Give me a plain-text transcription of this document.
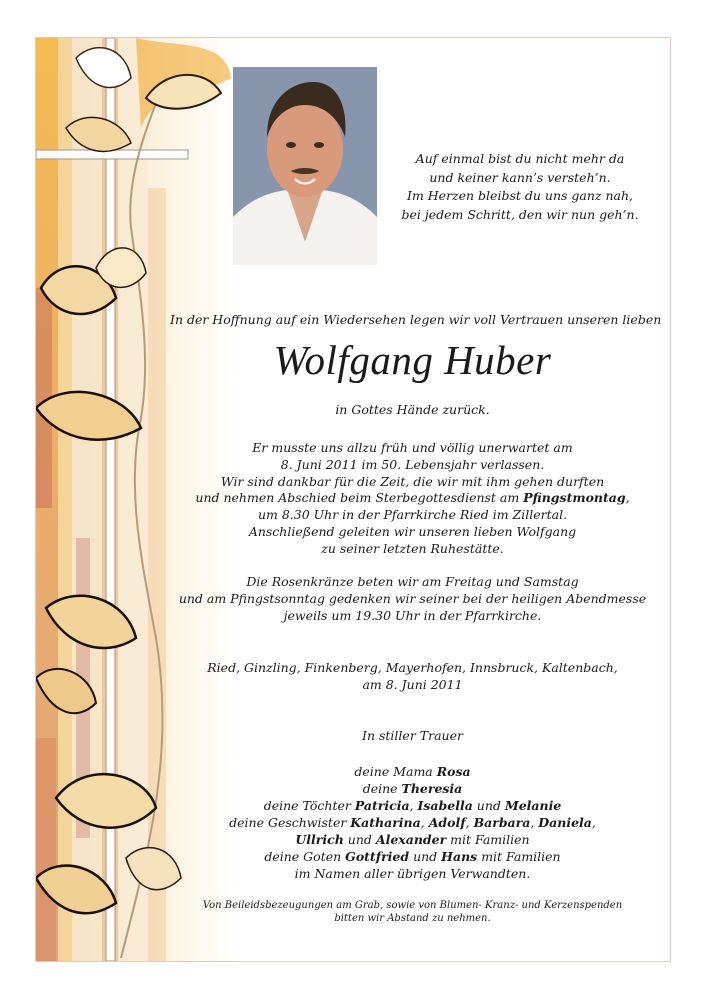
Auf einmal bist du nicht mehr da
und keiner kann’s versteh’n.
Im Herzen bleibst du uns ganz nah,
bei jedem Schritt, den wir nun geh’n.
In der Hoffnung auf ein Wiedersehen legen wir voll Vertrauen unseren lieben
Wolfgang Huber
in Gottes Hände zurück.
Er musste uns allzu früh und völlig unerwartet am
8. Juni 2011 im 50. Lebensjahr verlassen.
Wir sind dankbar für die Zeit, die wir mit ihm gehen durften
und nehmen Abschied beim Sterbegottesdienst am Pfingstmontag,
um 8.30 Uhr in der Pfarrkirche Ried im Zillertal.
Anschließend geleiten wir unseren lieben Wolfgang
zu seiner letzten Ruhestätte.
Die Rosenkränze beten wir am Freitag und Samstag
und am Pfingstsonntag gedenken wir seiner bei der heiligen Abendmesse
jeweils um 19.30 Uhr in der Pfarrkirche.
Ried, Ginzling, Finkenberg, Mayerhofen, Innsbruck, Kaltenbach,
am 8. Juni 2011
In stiller Trauer
deine Mama Rosa
deine Theresia
deine Töchter Patricia, Isabella und Melanie
deine Geschwister Katharina, Adolf, Barbara, Daniela,
Ullrich und Alexander mit Familien
deine Goten Gottfried und Hans mit Familien
im Namen aller übrigen Verwandten.
Von Beileidsbezeugungen am Grab, sowie von Blumen- Kranz- und Kerzenspenden
bitten wir Abstand zu nehmen.
